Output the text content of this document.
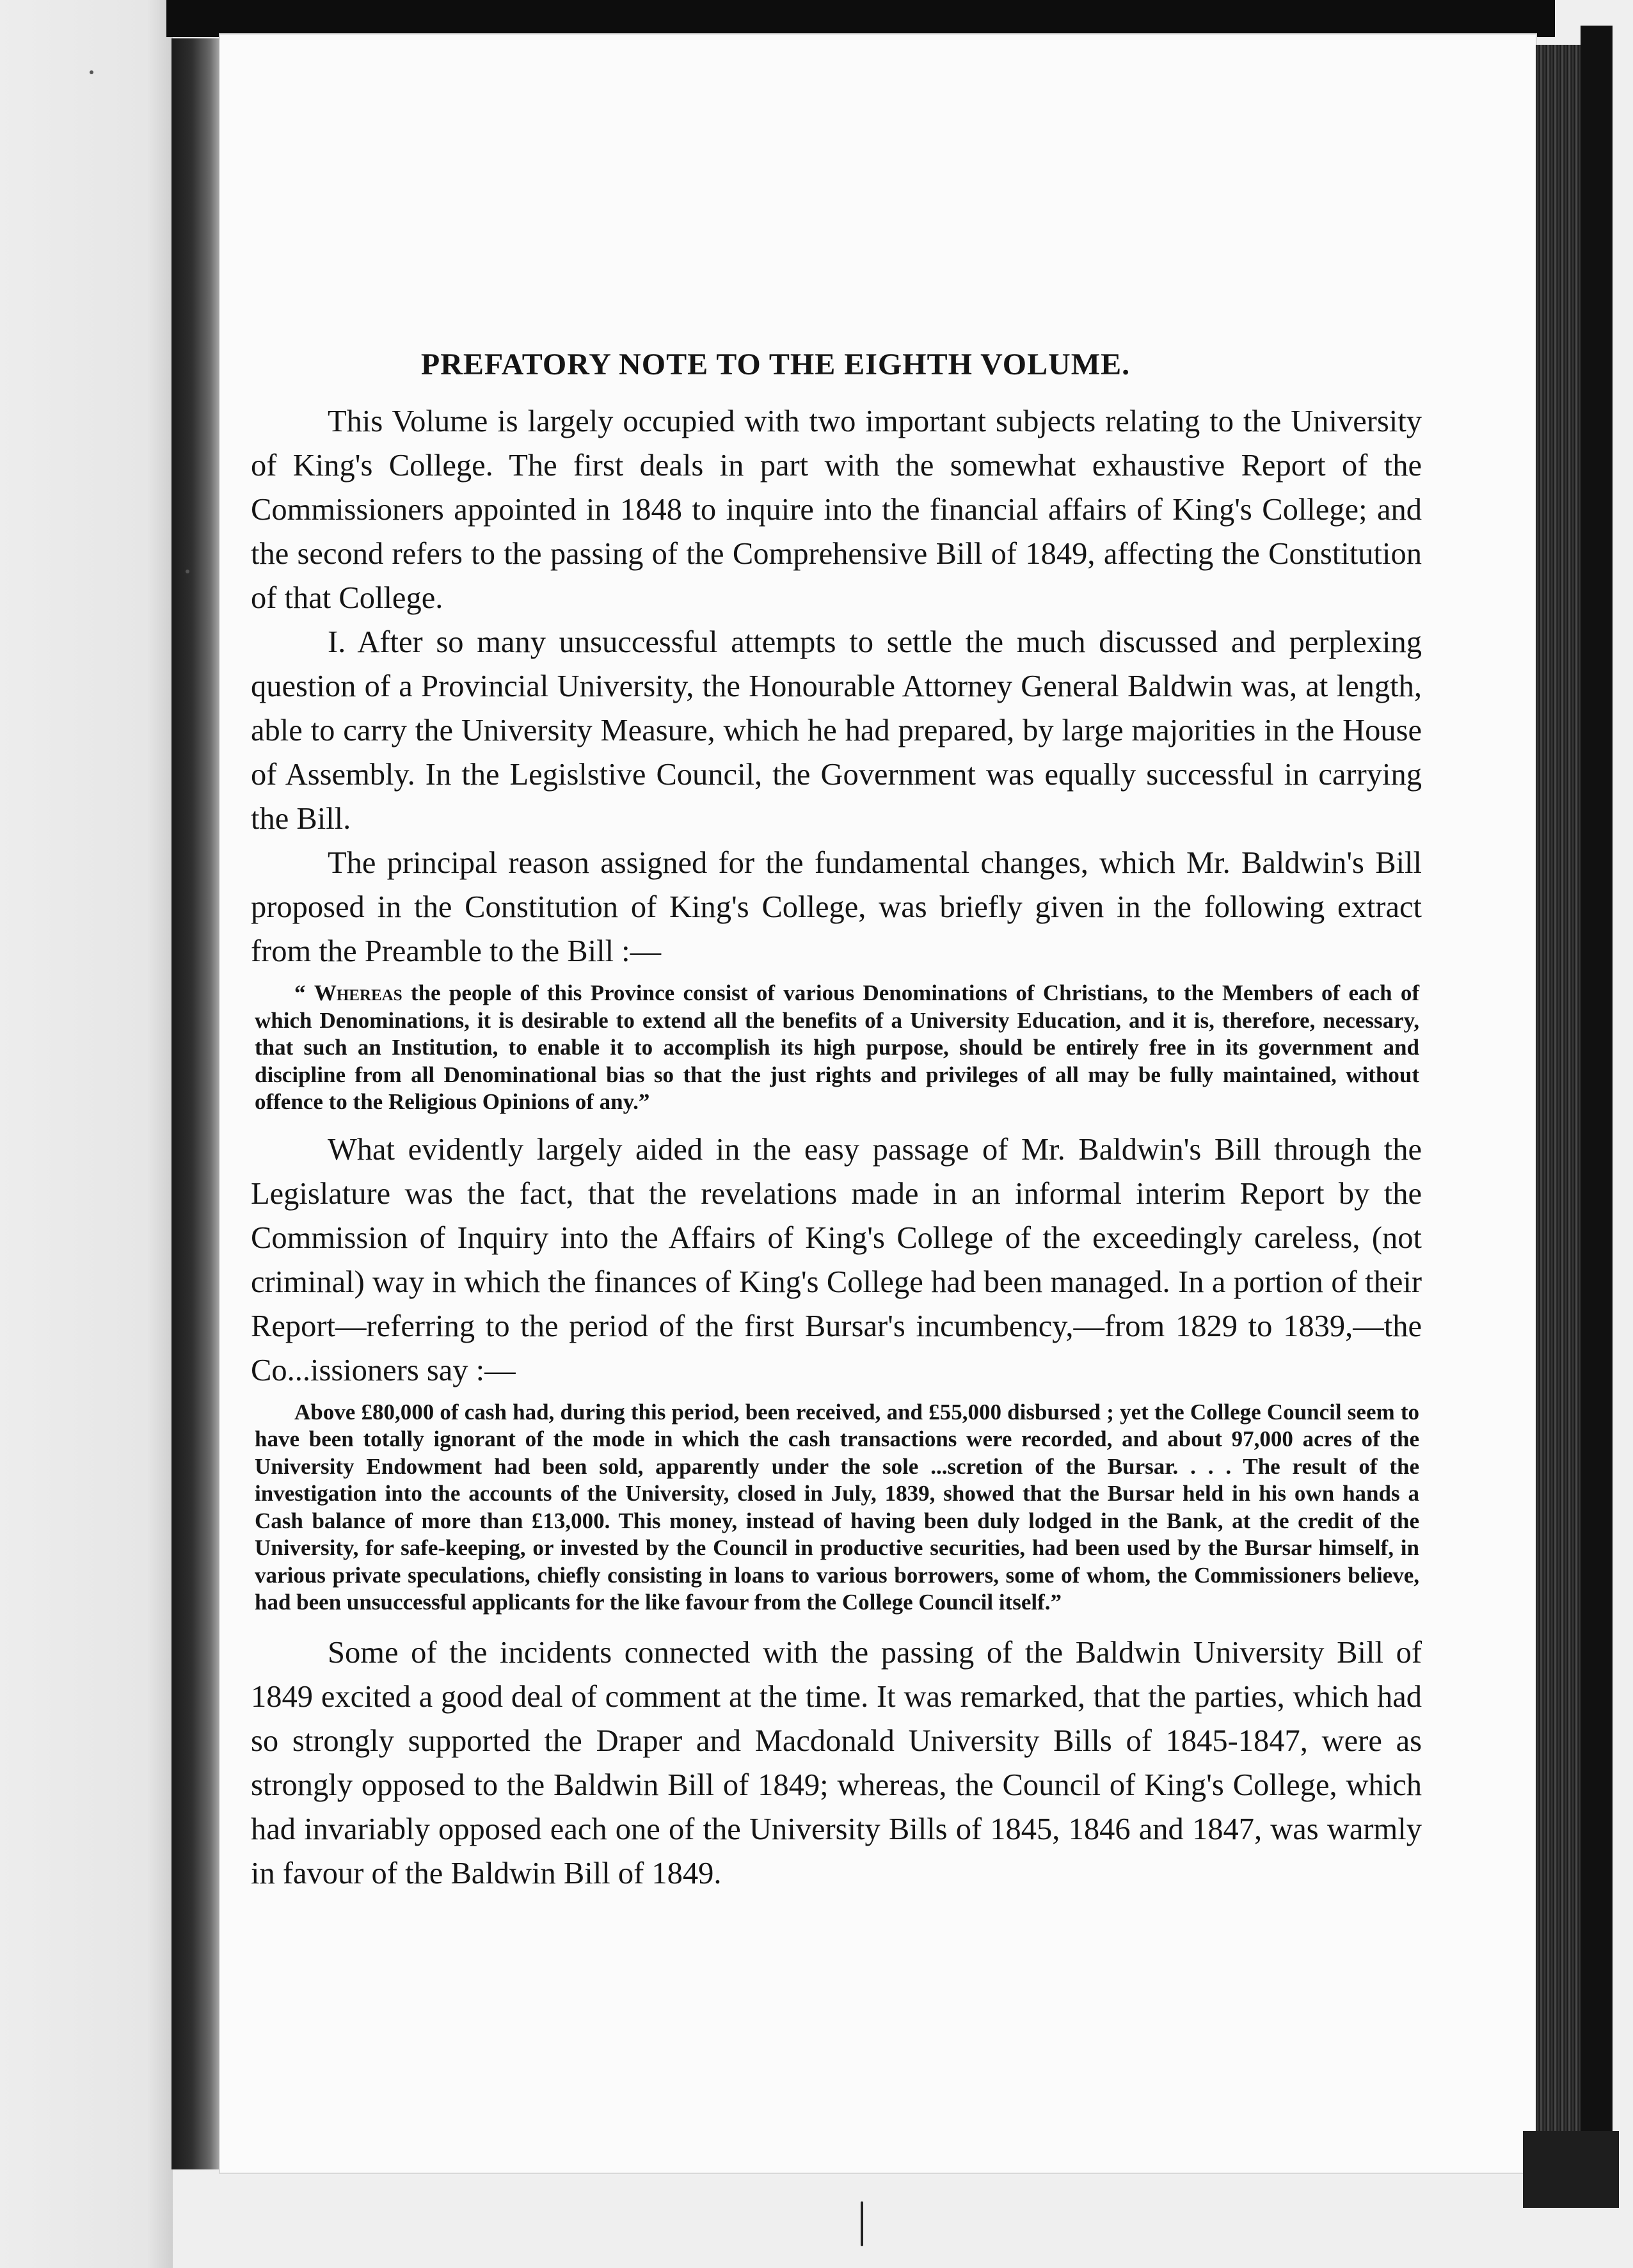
PREFATORY NOTE TO THE EIGHTH VOLUME.

This Volume is largely occupied with two important subjects relating to the University of King's College. The first deals in part with the somewhat exhaustive Report of the Commissioners appointed in 1848 to inquire into the financial affairs of King's College; and the second refers to the passing of the Comprehensive Bill of 1849, affecting the Constitution of that College.

I. After so many unsuccessful attempts to settle the much discussed and perplexing question of a Provincial University, the Honourable Attorney General Baldwin was, at length, able to carry the University Measure, which he had prepared, by large majorities in the House of Assembly. In the Legislstive Council, the Government was equally successful in carrying the Bill.

The principal reason assigned for the fundamental changes, which Mr. Baldwin's Bill proposed in the Constitution of King's College, was briefly given in the following extract from the Preamble to the Bill :—

“ Whereas the people of this Province consist of various Denominations of Christians, to the Members of each of which Denominations, it is desirable to extend all the benefits of a University Education, and it is, therefore, necessary, that such an Institution, to enable it to accomplish its high purpose, should be entirely free in its government and discipline from all Denominational bias so that the just rights and privileges of all may be fully maintained, without offence to the Religious Opinions of any.”

What evidently largely aided in the easy passage of Mr. Baldwin's Bill through the Legislature was the fact, that the revelations made in an informal interim Report by the Commission of Inquiry into the Affairs of King's College of the exceedingly careless, (not criminal) way in which the finances of King's College had been managed. In a portion of their Report—referring to the period of the first Bursar's incumbency,—from 1829 to 1839,—the Co...issioners say :—

Above £80,000 of cash had, during this period, been received, and £55,000 disbursed ; yet the College Council seem to have been totally ignorant of the mode in which the cash transactions were recorded, and about 97,000 acres of the University Endowment had been sold, apparently under the sole ...scretion of the Bursar. . . . The result of the investigation into the accounts of the University, closed in July, 1839, showed that the Bursar held in his own hands a Cash balance of more than £13,000. This money, instead of having been duly lodged in the Bank, at the credit of the University, for safe-keeping, or invested by the Council in productive securities, had been used by the Bursar himself, in various private speculations, chiefly consisting in loans to various borrowers, some of whom, the Commissioners believe, had been unsuccessful applicants for the like favour from the College Council itself.”

Some of the incidents connected with the passing of the Baldwin University Bill of 1849 excited a good deal of comment at the time. It was remarked, that the parties, which had so strongly supported the Draper and Macdonald University Bills of 1845-1847, were as strongly opposed to the Baldwin Bill of 1849; whereas, the Council of King's College, which had invariably opposed each one of the University Bills of 1845, 1846 and 1847, was warmly in favour of the Baldwin Bill of 1849.
